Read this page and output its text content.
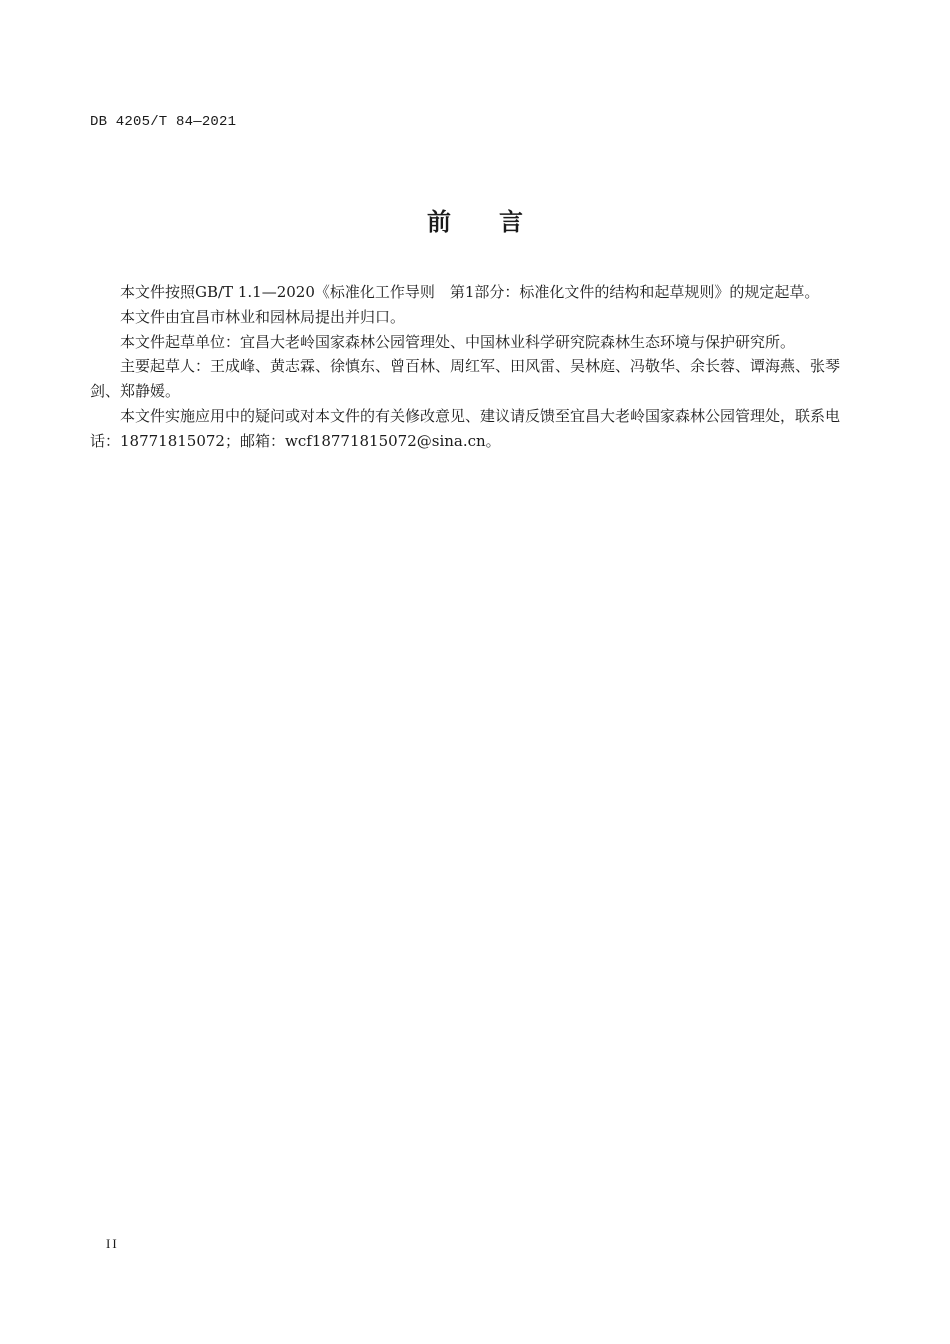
DB 4205/T 84—2021
前　　言

本文件按照GB/T 1.1—2020《标准化工作导则　第1部分：标准化文件的结构和起草规则》的规定起草。

本文件由宜昌市林业和园林局提出并归口。

本文件起草单位：宜昌大老岭国家森林公园管理处、中国林业科学研究院森林生态环境与保护研究所。

主要起草人：王成峰、黄志霖、徐慎东、曾百林、周红军、田风雷、吴林庭、冯敬华、余长蓉、谭海燕、张琴剑、郑静媛。

本文件实施应用中的疑问或对本文件的有关修改意见、建议请反馈至宜昌大老岭国家森林公园管理处，联系电话：18771815072；邮箱：wcf18771815072@sina.cn。

II
